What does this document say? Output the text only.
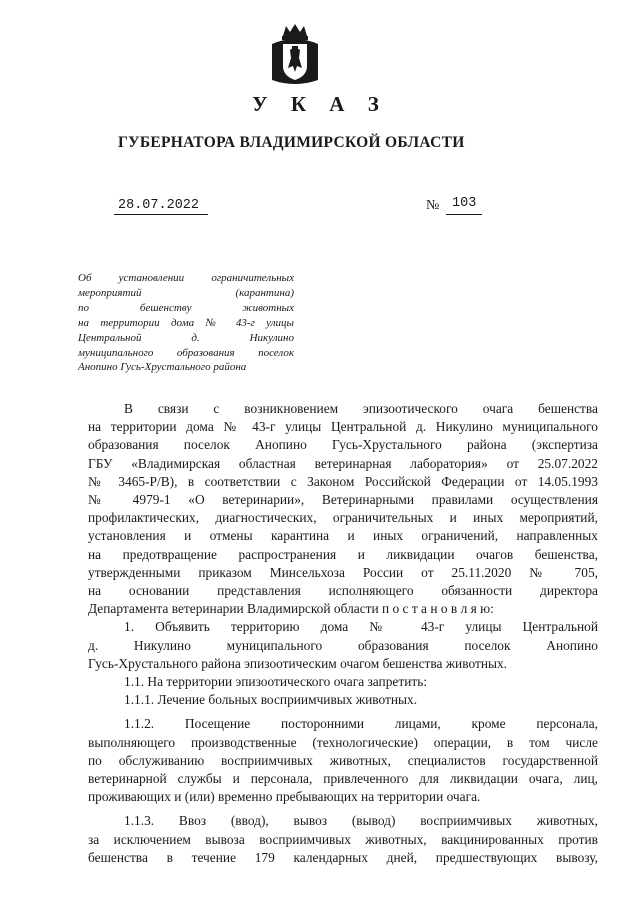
У К А З
ГУБЕРНАТОРА ВЛАДИМИРСКОЙ ОБЛАСТИ
28.07.2022	№ 103
Об установлении ограничительных
мероприятий (карантина)
по бешенству животных
на территории дома № 43-г улицы
Центральной д. Никулино
муниципального образования поселок
Анопино Гусь-Хрустального района

В связи с возникновением эпизоотического очага бешенства
на территории дома № 43-г улицы Центральной д. Никулино муниципального
образования поселок Анопино Гусь-Хрустального района (экспертиза
ГБУ «Владимирская областная ветеринарная лаборатория» от 25.07.2022
№ 3465-Р/В), в соответствии с Законом Российской Федерации от 14.05.1993
№ 4979-1 «О ветеринарии», Ветеринарными правилами осуществления
профилактических, диагностических, ограничительных и иных мероприятий,
установления и отмены карантина и иных ограничений, направленных
на предотвращение распространения и ликвидации очагов бешенства,
утвержденными приказом Минсельхоза России от 25.11.2020 № 705,
на основании представления исполняющего обязанности директора
Департамента ветеринарии Владимирской области п о с т а н о в л я ю:

1. Объявить территорию дома № 43-г улицы Центральной
д. Никулино муниципального образования поселок Анопино
Гусь-Хрустального района эпизоотическим очагом бешенства животных.

1.1. На территории эпизоотического очага запретить:

1.1.1. Лечение больных восприимчивых животных.

1.1.2. Посещение посторонними лицами, кроме персонала,
выполняющего производственные (технологические) операции, в том числе
по обслуживанию восприимчивых животных, специалистов государственной
ветеринарной службы и персонала, привлеченного для ликвидации очага, лиц,
проживающих и (или) временно пребывающих на территории очага.

1.1.3. Ввоз (ввод), вывоз (вывод) восприимчивых животных,
за исключением вывоза восприимчивых животных, вакцинированных против
бешенства в течение 179 календарных дней, предшествующих вывозу,
